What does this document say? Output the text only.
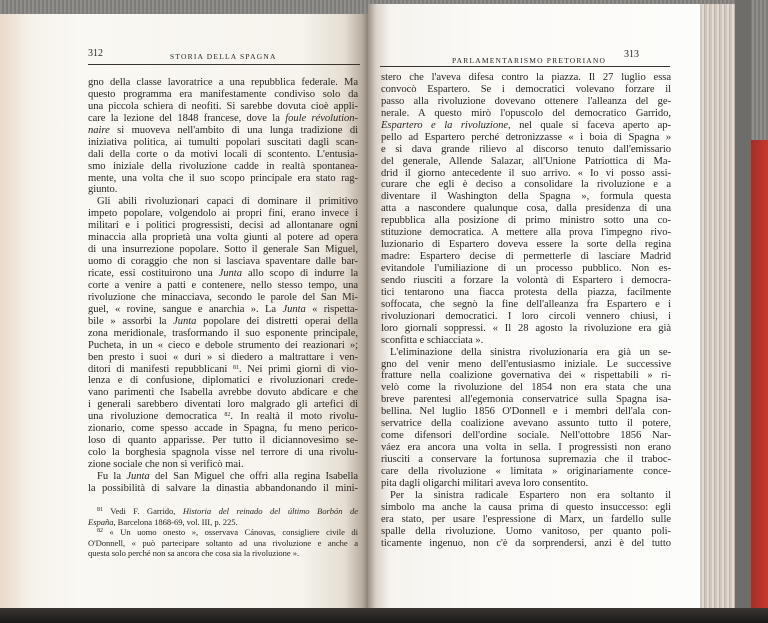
312	STORIA DELLA SPAGNA	PARLAMENTARISMO PRETORIANO
313
gno della classe lavoratrice a una repubblica federale. Ma
questo programma era manifestamente condiviso solo da
una piccola schiera di neofiti. Si sarebbe dovuta cioè appli-
care la lezione del 1848 francese, dove la foule révolution-
naire si muoveva nell'ambito di una lunga tradizione di
iniziativa politica, ai tumulti popolari suscitati dagli scan-
dali della corte o da motivi locali di scontento. L'entusia-
smo iniziale della rivoluzione cadde in realtà spontanea-
mente, una volta che il suo scopo principale era stato rag-
giunto.
Gli abili rivoluzionari capaci di dominare il primitivo
impeto popolare, volgendolo ai propri fini, erano invece i
militari e i politici progressisti, decisi ad allontanare ogni
minaccia alla proprietà una volta giunti al potere ad opera
di una insurrezione popolare. Sotto il generale San Miguel,
uomo di coraggio che non si lasciava spaventare dalle bar-
ricate, essi costituirono una Junta allo scopo di indurre la
corte a venire a patti e contenere, nello stesso tempo, una
rivoluzione che minacciava, secondo le parole del San Mi-
guel, « rovine, sangue e anarchia ». La Junta « rispetta-
bile » assorbì la Junta popolare dei distretti operai della
zona meridionale, trasformando il suo esponente principale,
Pucheta, in un « cieco e debole strumento dei reazionari »;
ben presto i suoi « duri » si diedero a maltrattare i ven-
ditori di manifesti repubblicani $^{81}$. Nei primi giorni di vio-
lenza e di confusione, diplomatici e rivoluzionari crede-
vano parimenti che Isabella avrebbe dovuto abdicare e che
i generali sarebbero diventati loro malgrado gli artefici di
una rivoluzione democratica $^{82}$. In realtà il moto rivolu-
zionario, come spesso accade in Spagna, fu meno perico-
loso di quanto apparisse. Per tutto il diciannovesimo se-
colo la borghesia spagnola visse nel terrore di una rivolu-
zione sociale che non si verificò mai.
Fu la Junta del San Miguel che offrì alla regina Isabella
la possibilità di salvare la dinastia abbandonando il mini-
$^{81}$ Vedi F. Garrido, Historia del reinado del último Borbón de
España, Barcelona 1868-69, vol. III, p. 225.
$^{82}$ « Un uomo onesto », osservava Cánovas, consigliere civile di
O'Donnell, « può partecipare soltanto ad una rivoluzione e anche a
questa solo perché non sa ancora che cosa sia la rivoluzione ».
stero che l'aveva difesa contro la piazza. Il 27 luglio essa
convocò Espartero. Se i democratici volevano forzare il
passo alla rivoluzione dovevano ottenere l'alleanza del ge-
nerale. A questo mirò l'opuscolo del democratico Garrido,
Espartero e la rivoluzione, nel quale si faceva aperto ap-
pello ad Espartero perché detronizzasse « i boia di Spagna »
e si dava grande rilievo al discorso tenuto dall'emissario
del generale, Allende Salazar, all'Unione Patriottica di Ma-
drid il giorno antecedente il suo arrivo. « Io vi posso assi-
curare che egli è deciso a consolidare la rivoluzione e a
diventare il Washington della Spagna », formula questa
atta a nascondere qualunque cosa, dalla presidenza di una
repubblica alla posizione di primo ministro sotto una co-
stituzione democratica. A mettere alla prova l'impegno rivo-
luzionario di Espartero doveva essere la sorte della regina
madre: Espartero decise di permetterle di lasciare Madrid
evitandole l'umiliazione di un processo pubblico. Non es-
sendo riusciti a forzare la volontà di Espartero i democra-
tici tentarono una fiacca protesta della piazza, facilmente
soffocata, che segnò la fine dell'alleanza fra Espartero e i
rivoluzionari democratici. I loro circoli vennero chiusi, i
loro giornali soppressi. « Il 28 agosto la rivoluzione era già
sconfitta e schiacciata ».
L'eliminazione della sinistra rivoluzionaria era già un se-
gno del venir meno dell'entusiasmo iniziale. Le successive
fratture nella coalizione governativa dei « rispettabili » ri-
velò come la rivoluzione del 1854 non era stata che una
breve parentesi all'egemonia conservatrice sulla Spagna isa-
bellina. Nel luglio 1856 O'Donnell e i membri dell'ala con-
servatrice della coalizione avevano assunto tutto il potere,
come difensori dell'ordine sociale. Nell'ottobre 1856 Nar-
váez era ancora una volta in sella. I progressisti non erano
riusciti a conservare la fortunosa supremazia che il traboc-
care della rivoluzione « limitata » originariamente conce-
pita dagli oligarchi militari aveva loro consentito.
Per la sinistra radicale Espartero non era soltanto il
simbolo ma anche la causa prima di questo insuccesso: egli
era stato, per usare l'espressione di Marx, un fardello sulle
spalle della rivoluzione. Uomo vanitoso, per quanto poli-
ticamente ingenuo, non c'è da sorprendersi, anzi è del tutto
